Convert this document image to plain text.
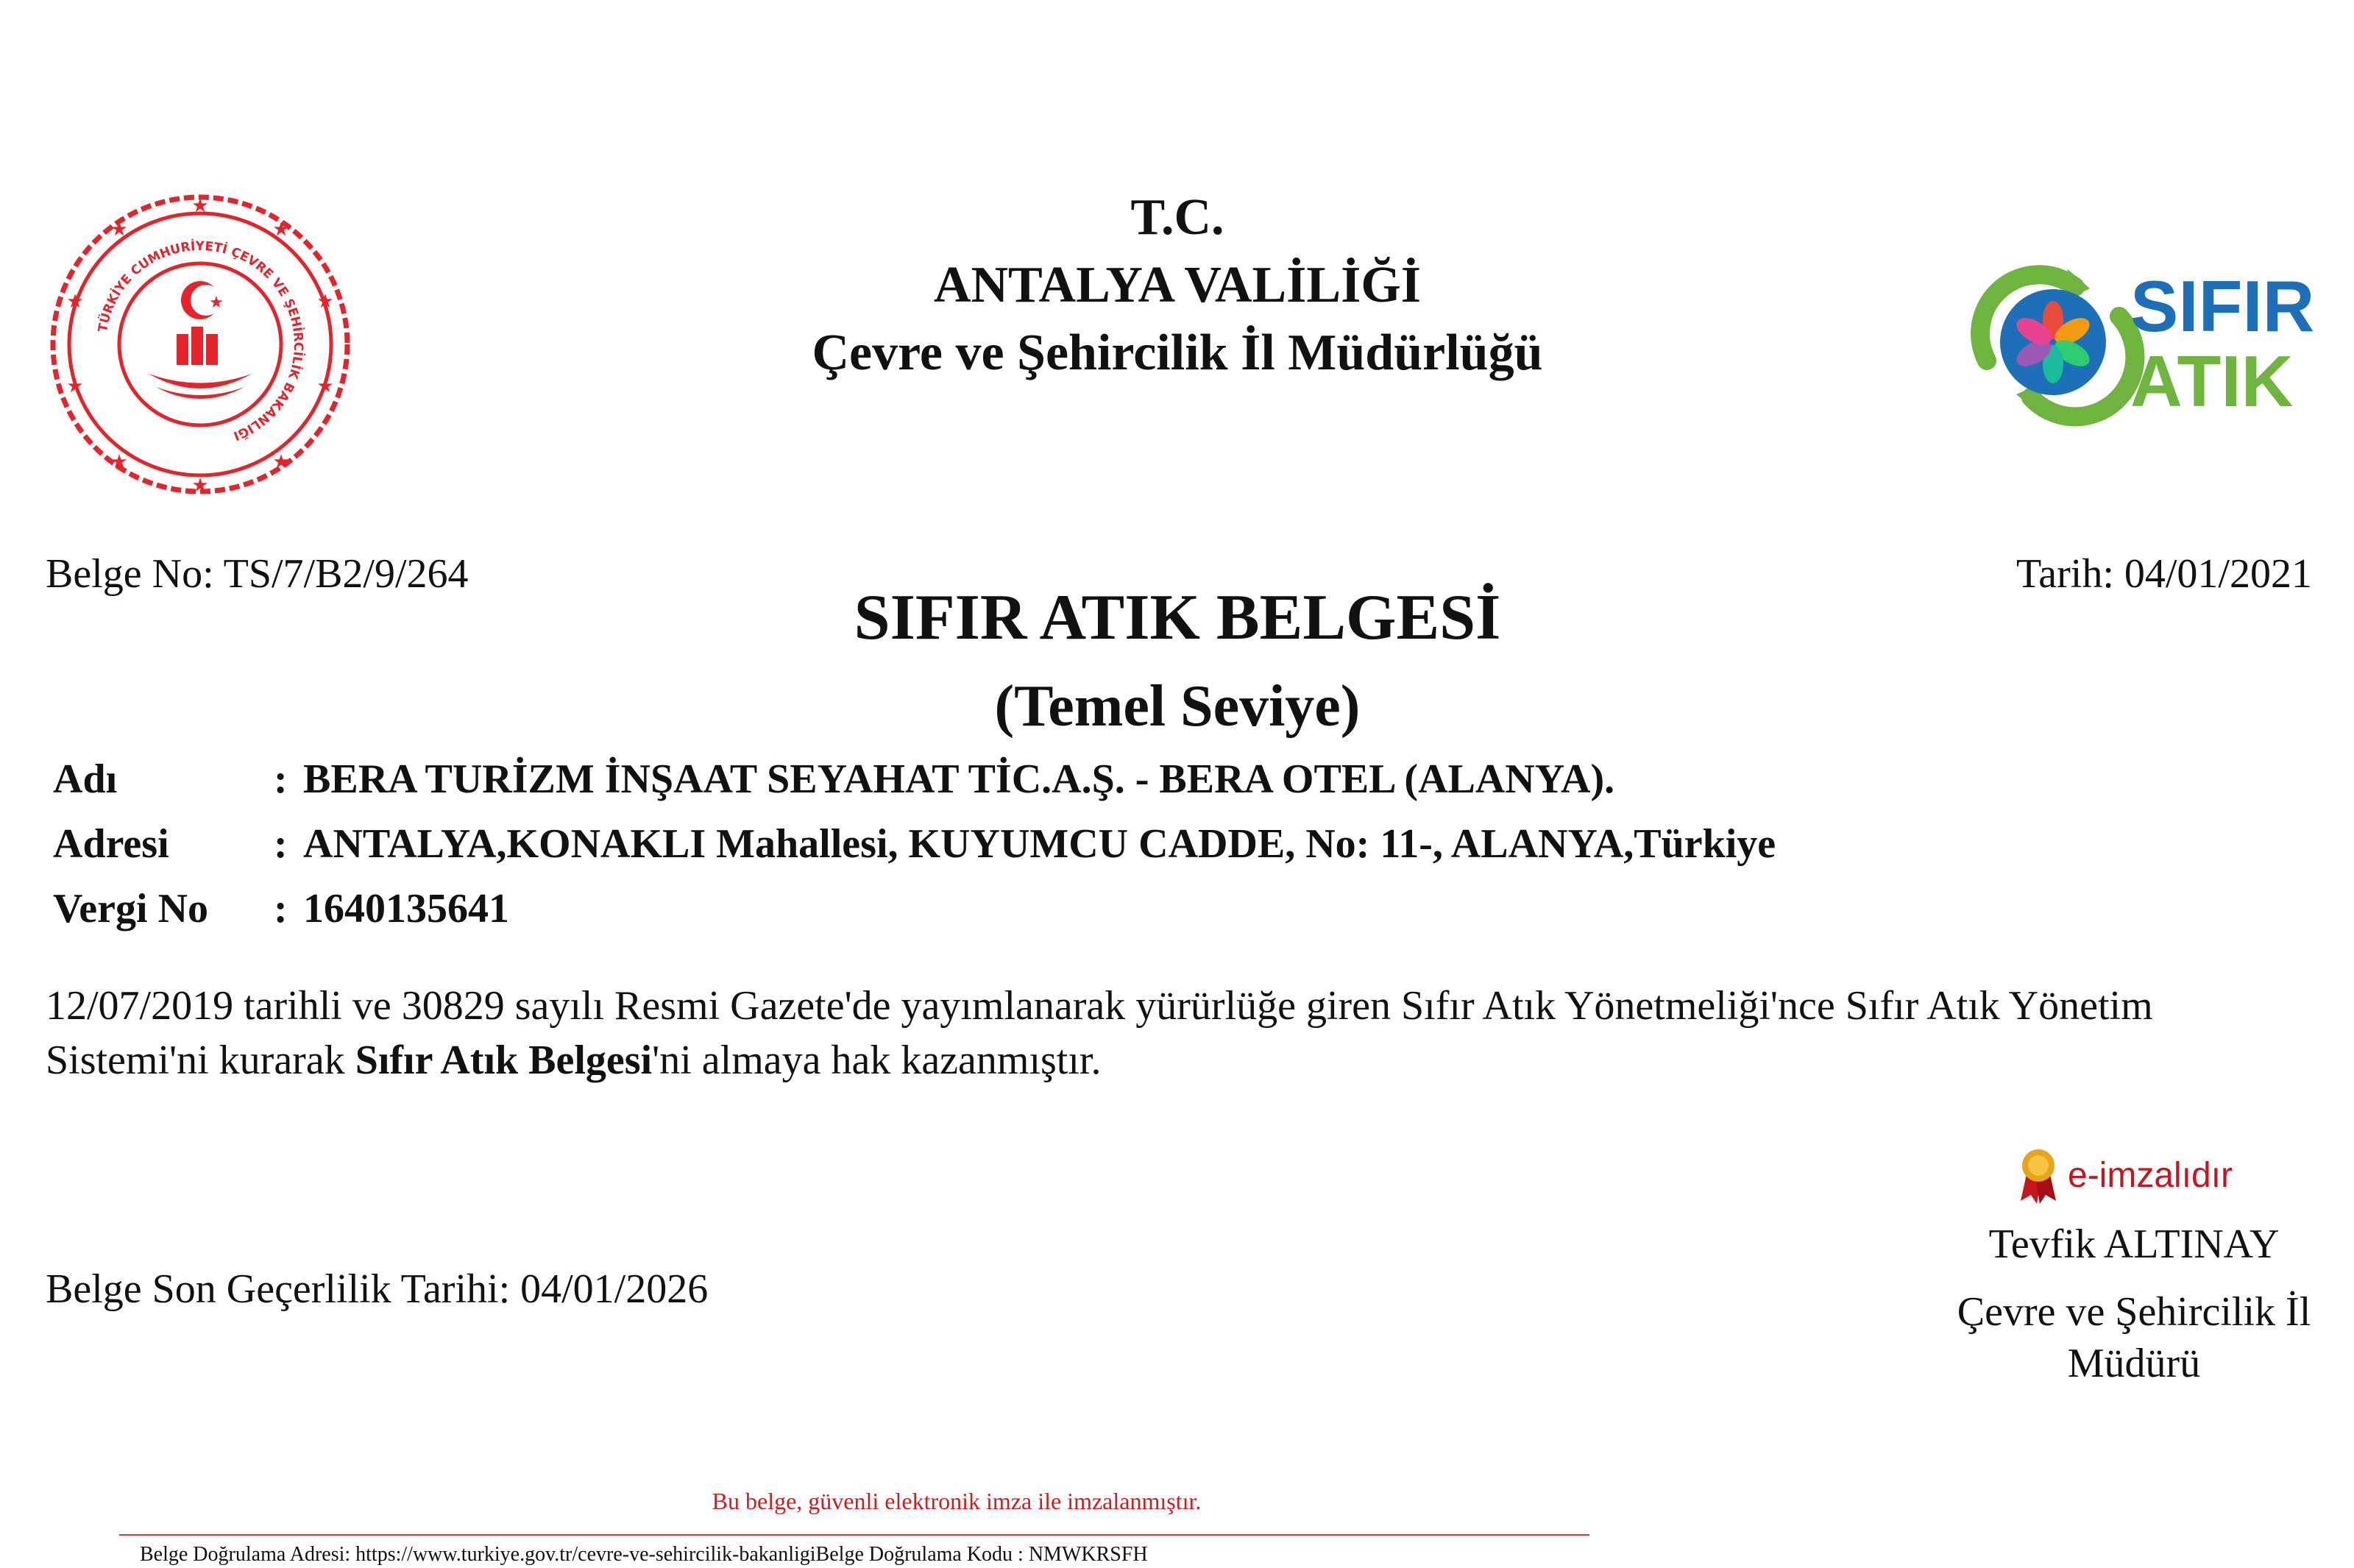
★
★
★
★
★
★
★
★
★
★
TÜRKİYE CUMHURİYETİ ÇEVRE VE ŞEHİRCİLİK BAKANLIĞI
★
T.C.
ANTALYA VALİLİĞİ
Çevre ve Şehircilik İl Müdürlüğü
SIFIR
ATIK
Belge No: TS/7/B2/9/264	Tarih: 04/01/2021
SIFIR ATIK BELGESİ
(Temel Seviye)
Adı	: BERA TURİZM İNŞAAT SEYAHAT TİC.A.Ş. - BERA OTEL (ALANYA).
Adresi	: ANTALYA,KONAKLI Mahallesi, KUYUMCU CADDE, No: 11-, ALANYA,Türkiye
Vergi No : 1640135641
12/07/2019 tarihli ve 30829 sayılı Resmi Gazete'de yayımlanarak yürürlüğe giren Sıfır Atık Yönetmeliği'nce Sıfır Atık Yönetim Sistemi'ni kurarak Sıfır Atık Belgesi'ni almaya hak kazanmıştır.
e-imzalıdır
Tevfik ALTINAY
Çevre ve Şehircilik İl
Müdürü
Belge Son Geçerlilik Tarihi: 04/01/2026
Bu belge, güvenli elektronik imza ile imzalanmıştır.
Belge Doğrulama Adresi: https://www.turkiye.gov.tr/cevre-ve-sehircilik-bakanligiBelge Doğrulama Kodu : NMWKRSFH
